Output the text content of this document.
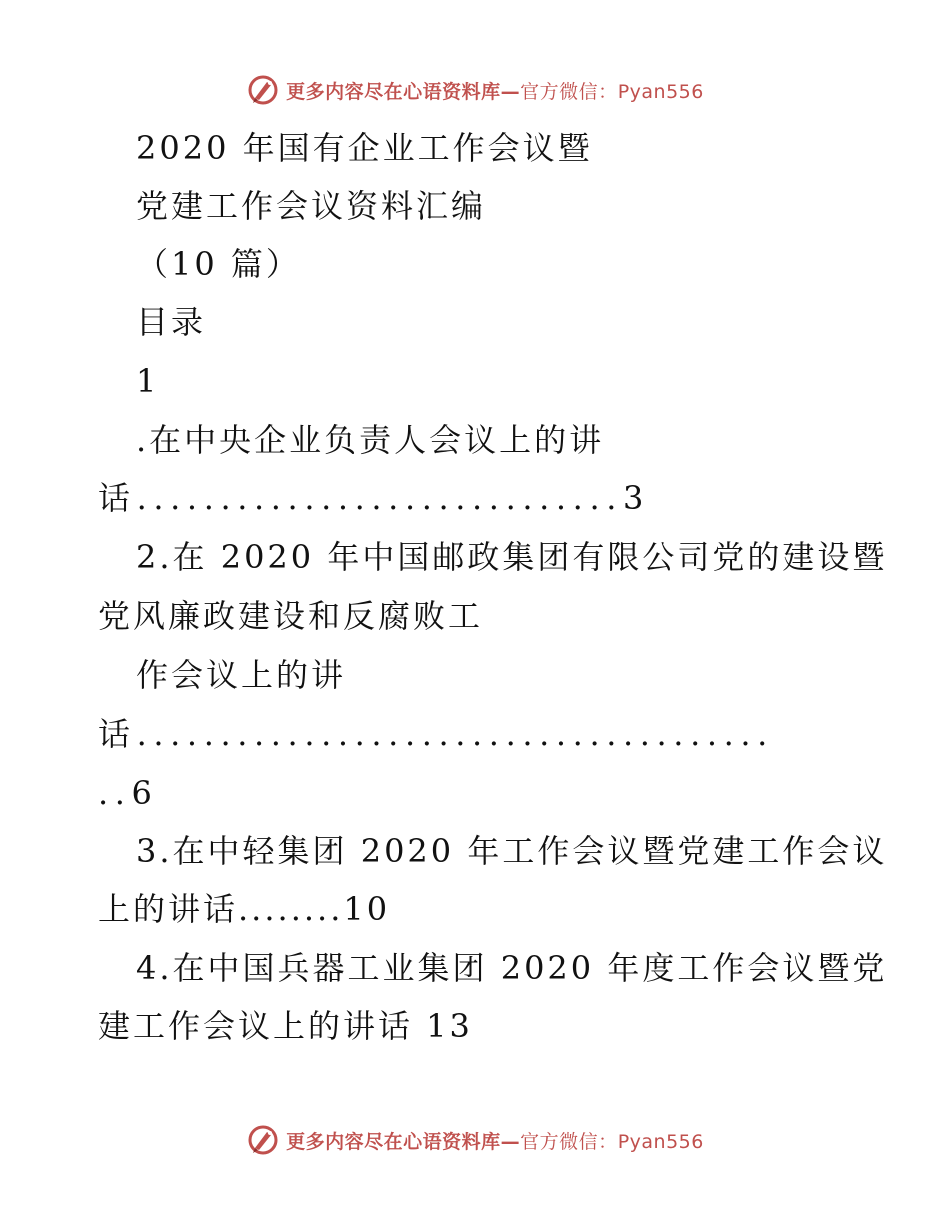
更多内容尽在心语资料库—官方微信：Pyan556
2020 年国有企业工作会议暨
党建工作会议资料汇编
（10 篇）
目录
1
.在中央企业负责人会议上的讲
话.............................3
2.在 2020 年中国邮政集团有限公司党的建设暨
党风廉政建设和反腐败工
作会议上的讲
话......................................
..6
3.在中轻集团 2020 年工作会议暨党建工作会议
上的讲话........10
4.在中国兵器工业集团 2020 年度工作会议暨党
建工作会议上的讲话 13
更多内容尽在心语资料库—官方微信：Pyan556
